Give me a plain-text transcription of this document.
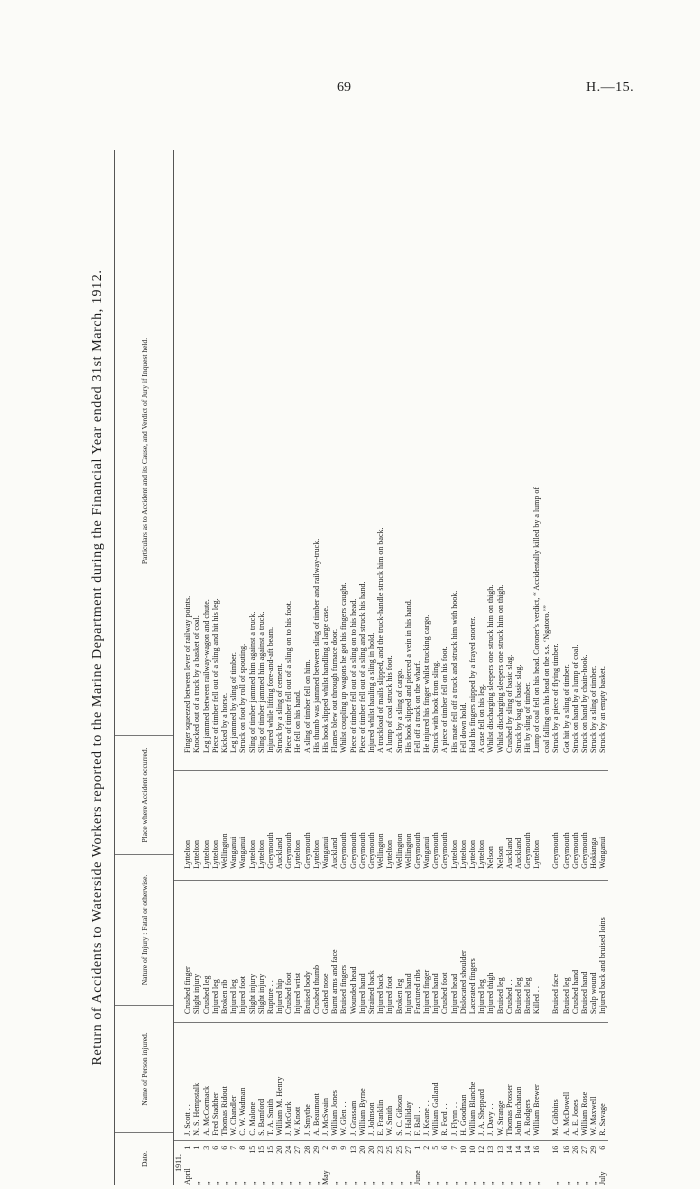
69	H.—15.
Return of Accidents to Waterside Workers reported to the Marine Department during the Financial Year ended 31st March, 1912.
Date.
Name of Person injured.
Nature of Injury : Fatal or otherwise.
Place where Accident occurred.
Particulars as to Accident and its Cause, and Verdict of Jury if Inquest held.
1911.
April
1
J. Scott . .
Crushed finger
Lyttelton
Finger squeezed between lever of railway points.
„
1
N. S. Hempstalk
Slight injury
Lyttelton
Knocked out of a truck by a basket of coal.
„
3
A. McCormack
Crushed leg
Lyttelton
Leg jammed between railway-wagon and chute.
„
6
Fred Stadther
Injured leg
Lyttelton
Piece of timber fell out of a sling and hit his leg.
„
6
Thomas Ridout
Broken rib
Wellington
Kicked by a horse.
„
7
W. Chandler
Injured leg
Wanganui
Leg jammed by sling of timber.
„
8
C. W. Wadman
Injured foot
Wanganui
Struck on foot by roll of spouting.
„
15
C. Malone
Slight injury
Lyttelton
Sling of timber jammed him against a truck.
„
15
S. Bamford
Slight injury
Lyttelton
Sling of timber jammed him against a truck.
„
15
T. A. Smith
Rupture . .
Greymouth
Injured while lifting fore-and-aft beam.
„
20
William M. Henry
Injured hip
Auckland
Struck by a sling of cement.
„
24
J. McGurk
Crushed foot
Greymouth
Piece of timber fell out of a sling on to his foot.
„
27
W. Knott
Injured wrist
Lyttelton
He fell on his hand.
„
28
J. Smythe
Bruised body
Greymouth
A sling of timber fell on him.
„
29
A. Beaumont
Crushed thumb
Lyttelton
His thumb was jammed between sling of timber and railway-truck.
May
2
J. McSwain
Gashed nose
Wanganui
His hook slipped whilst handling a large case.
„
9
William Jones
Burnt arms and face
Auckland
Flames blew out through furnace door.
„
9
W. Glen . .
Bruised fingers
Greymouth
Whilst coupling up wagons he got his fingers caught.
„
13
J. Grassam
Wounded head
Greymouth
Piece of timber fell out of a sling on to his head.
„
20
William Byrne
Injured hand
Greymouth
Piece of timber fell out of a sling and struck his hand.
„
20
J. Johnson
Strained back
Greymouth
Injured whilst hauling a sling in hold.
„
23
E. Franklin
Injured back
Wellington
A truckload of mails slipped, and the truck-handle struck him on back.
„
25
W. Smith
Injured foot
Lyttelton
A lump of coal struck his foot.
„
25
S. C. Gibson
Broken leg
Wellington
Struck by a sling of cargo.
„
27
J. Halliday
Injured hand
Wellington
His hook slipped and pierced a vein in his hand.
June
1
F. Ball . .
Fractured ribs
Greymouth
Fell off a truck on the wharf.
„
2
J. Keane . .
Injured finger
Wanganui
He injured his finger whilst trucking cargo.
„
5
William Galland
Injured hand
Greymouth
Struck with hook from sling.
„
6
R. Ford . .
Crushed foot
Greymouth
A piece of timber fell on his foot.
„
7
J. Flynn . .
Injured head
Lyttelton
His mate fell off a truck and struck him with hook.
„
10
H. Goodman
Dislocated shoulder
Lyttelton
Fell down hold.
„
10
William Blanche
Lacerated fingers
Lyttelton
Had his fingers nipped by a frayed snorter.
„
12
J. A. Sheppard
Injured leg
Lyttelton
A case fell on his leg.
„
13
J. Davy . .
Injured thigh
Nelson
Whilst discharging sleepers one struck him on thigh.
„
13
W. Strange
Bruised leg
Nelson
Whilst discharging sleepers one struck him on thigh.
„
14
Thomas Prosser
Crushed . .
Auckland
Crushed by sling of basic slag.
„
14
John Buchanan
Bruised leg
Auckland
Struck by bag of basic slag.
„
14
A. Rodgers
Bruised leg
Greymouth
Hit by sling of timber.
„
16
William Brewer
Killed . .
Lyttelton
Lump of coal fell on his head. Coroner's verdict, “ Accidentally killed by a lump of coal falling on his head on the s.s. ‘Ngatoro.’”
„
16
M. Gibbins
Bruised face
Greymouth
Struck by a piece of flying timber.
„
16
A. McDowell
Bruised leg
Greymouth
Got hit by a sling of timber.
„
26
A. E. Jones
Crushed hand
Greymouth
Struck on hand by a lump of coal.
„
27
William Rose
Bruised hand
Greymouth
Struck on hand by chain-hook.
„
29
W. Maxwell
Scalp wound
Hokianga
Struck by a sling of timber.
July
6
R. Savage
Injured back and bruised loins
Wanganui
Struck by an empty basket.
